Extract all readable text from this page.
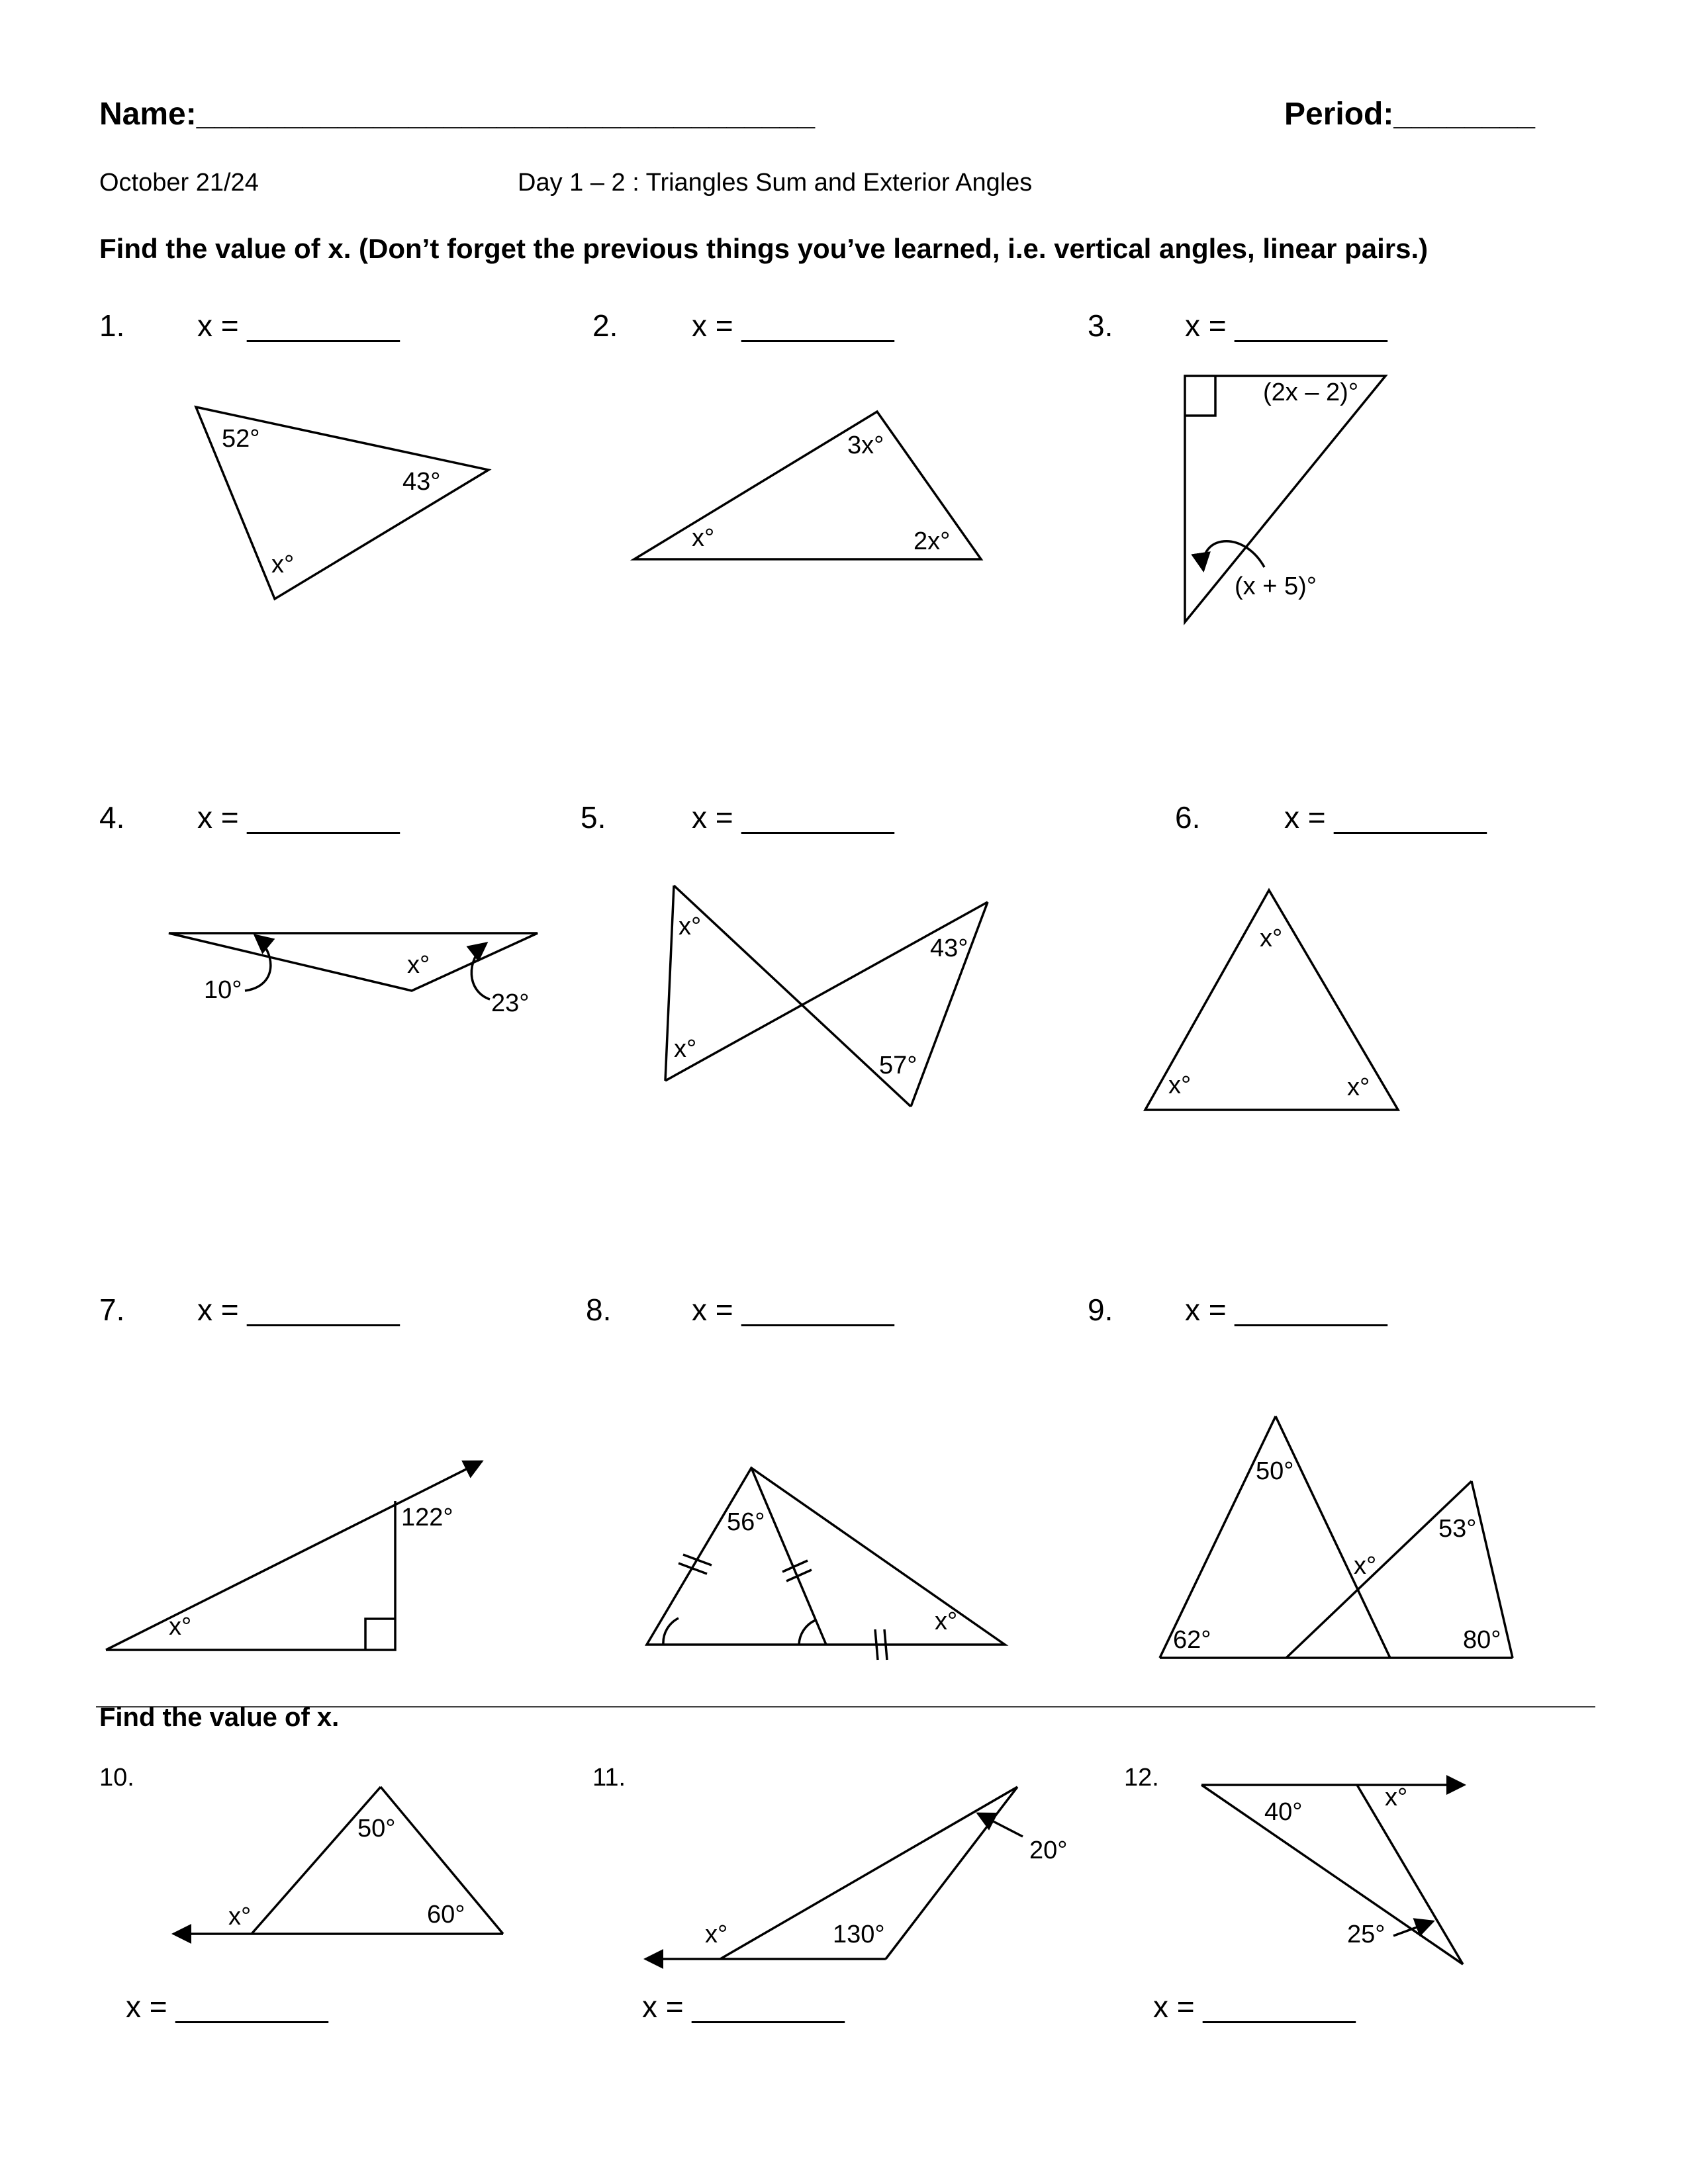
Name:___________________________________	Period:________
October 21/24	Day 1 – 2 : Triangles Sum and Exterior Angles
Find the value of x. (Don’t forget the previous things you’ve learned, i.e. vertical angles, linear pairs.)
1. x = _________	2. x = _________	3. x = _________
4. x = _________	5.	x = _________	6.	x = _________
7. x = _________	8.	x = _________	9. x = _________
Find the value of x.
10.	11.	12.
x = _________	x = _________	x = _________
52°
43°
x°
3x°
x°	2x°
(2x – 2)°
(x + 5)°
x°
10°	23°
x°
43°
x°
57°
x°
x°	x°
122°
x°
56°
x°
50°
53°
x°
62°	80°
50°
x°	60°
20°
x°	130°
40°
x°
25°
